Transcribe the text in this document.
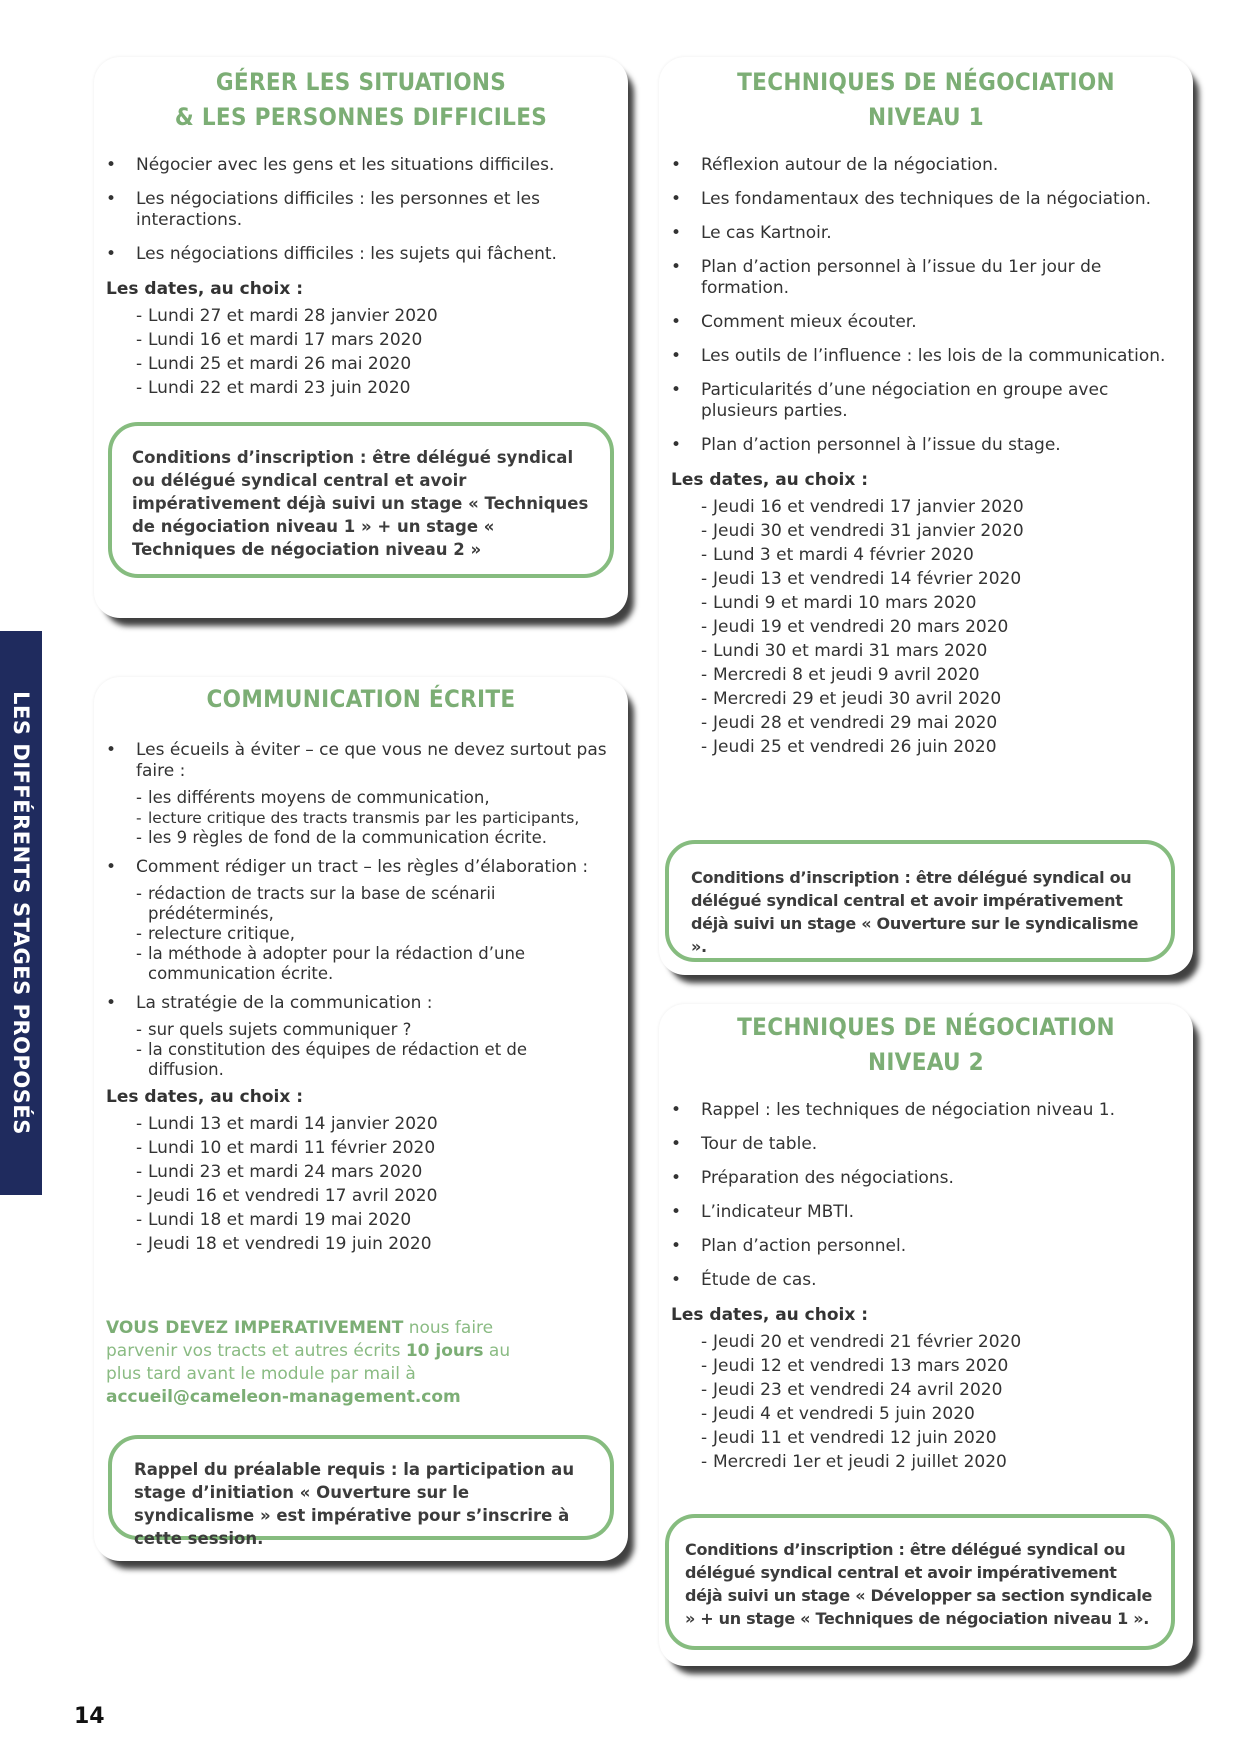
LES DIFFÉRENTS STAGES PROPOSÉS
GÉRER LES SITUATIONS
& LES PERSONNES DIFFICILES
• Négocier avec les gens et les situations difficiles.
• Les négociations difficiles : les personnes et les interactions.
• Les négociations difficiles : les sujets qui fâchent.
Les dates, au choix :
- Lundi 27 et mardi 28 janvier 2020
- Lundi 16 et mardi 17 mars 2020
- Lundi 25 et mardi 26 mai 2020
- Lundi 22 et mardi 23 juin 2020
Conditions d’inscription : être délégué syndical ou délégué syndical central et avoir impérativement déjà suivi un stage « Techniques de négociation niveau 1 » + un stage « Techniques de négociation niveau 2 »
COMMUNICATION ÉCRITE
• Les écueils à éviter – ce que vous ne devez surtout pas faire :
- les différents moyens de communication,
- lecture critique des tracts transmis par les participants,
- les 9 règles de fond de la communication écrite.
• Comment rédiger un tract – les règles d’élaboration :
- rédaction de tracts sur la base de scénarii prédéterminés,
- relecture critique,
- la méthode à adopter pour la rédaction d’une communication écrite.
• La stratégie de la communication :
- sur quels sujets communiquer ?
- la constitution des équipes de rédaction et de diffusion.
Les dates, au choix :
- Lundi 13 et mardi 14 janvier 2020
- Lundi 10 et mardi 11 février 2020
- Lundi 23 et mardi 24 mars 2020
- Jeudi 16 et vendredi 17 avril 2020
- Lundi 18 et mardi 19 mai 2020
- Jeudi 18 et vendredi 19 juin 2020
VOUS DEVEZ IMPERATIVEMENT nous faire parvenir vos tracts et autres écrits 10 jours au plus tard avant le module par mail à
accueil@cameleon-management.com
Rappel du préalable requis : la participation au stage d’initiation « Ouverture sur le syndicalisme » est impérative pour s’inscrire à cette session.
TECHNIQUES DE NÉGOCIATION
NIVEAU 1
• Réflexion autour de la négociation.
• Les fondamentaux des techniques de la négociation.
• Le cas Kartnoir.
• Plan d’action personnel à l’issue du 1er jour de formation.
• Comment mieux écouter.
• Les outils de l’influence : les lois de la communication.
• Particularités d’une négociation en groupe avec plusieurs parties.
• Plan d’action personnel à l’issue du stage.
Les dates, au choix :
- Jeudi 16 et vendredi 17 janvier 2020
- Jeudi 30 et vendredi 31 janvier 2020
- Lund 3 et mardi 4 février 2020
- Jeudi 13 et vendredi 14 février 2020
- Lundi 9 et mardi 10 mars 2020
- Jeudi 19 et vendredi 20 mars 2020
- Lundi 30 et mardi 31 mars 2020
- Mercredi 8 et jeudi 9 avril 2020
- Mercredi 29 et jeudi 30 avril 2020
- Jeudi 28 et vendredi 29 mai 2020
- Jeudi 25 et vendredi 26 juin 2020
Conditions d’inscription : être délégué syndical ou délégué syndical central et avoir impérativement déjà suivi un stage « Ouverture sur le syndicalisme ».
TECHNIQUES DE NÉGOCIATION
NIVEAU 2
• Rappel : les techniques de négociation niveau 1.
• Tour de table.
• Préparation des négociations.
• L’indicateur MBTI.
• Plan d’action personnel.
• Étude de cas.
Les dates, au choix :
- Jeudi 20 et vendredi 21 février 2020
- Jeudi 12 et vendredi 13 mars 2020
- Jeudi 23 et vendredi 24 avril 2020
- Jeudi 4 et vendredi 5 juin 2020
- Jeudi 11 et vendredi 12 juin 2020
- Mercredi 1er et jeudi 2 juillet 2020
Conditions d’inscription : être délégué syndical ou délégué syndical central et avoir impérativement déjà suivi un stage « Développer sa section syndicale » + un stage « Techniques de négociation niveau 1 ».
14
